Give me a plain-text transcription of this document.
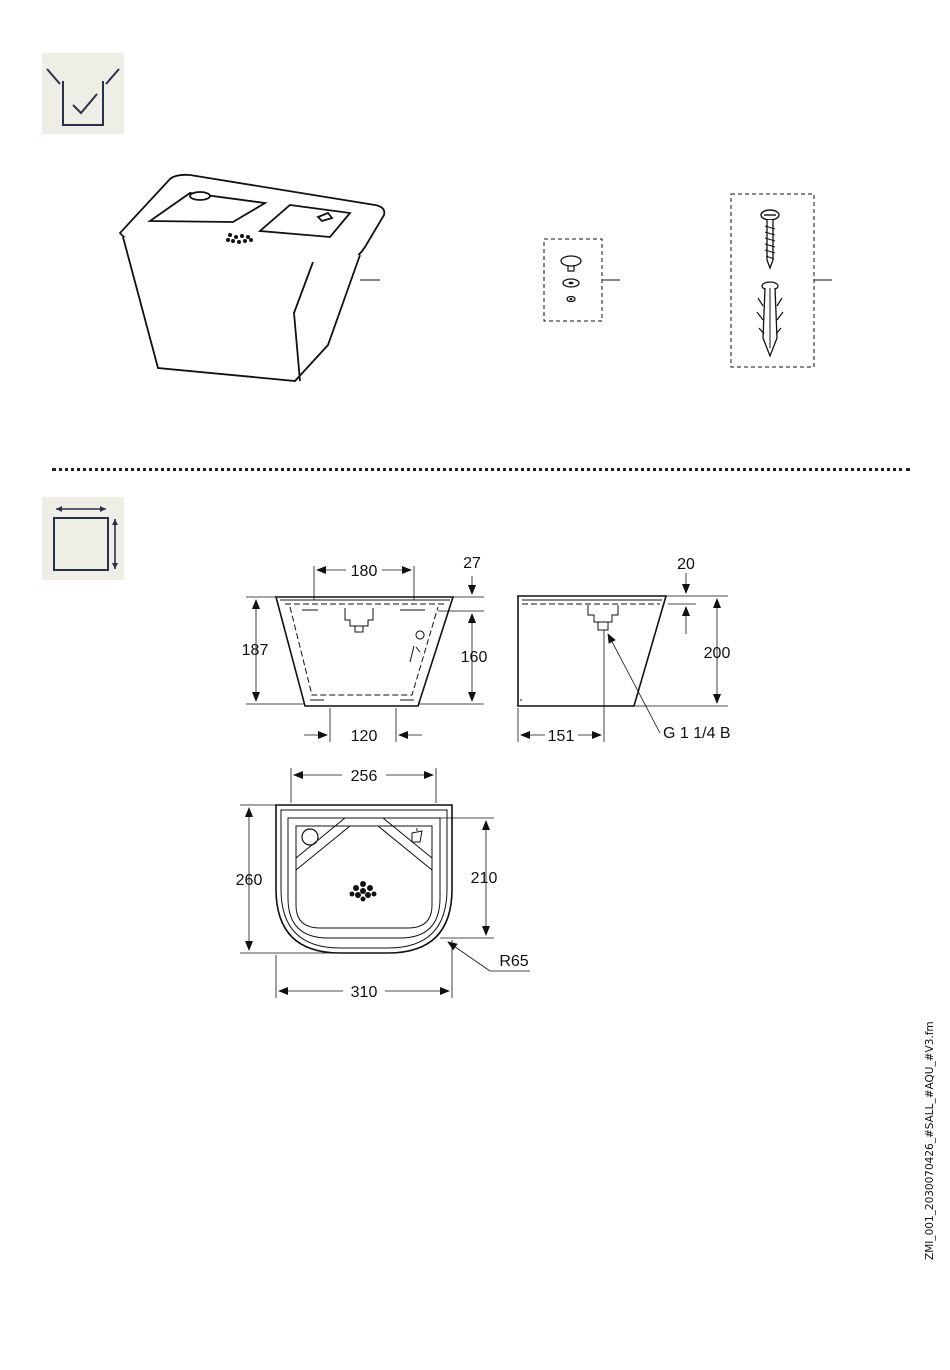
180	27
187	160
120
20
200
151	G 1 1/4 B
256
260	210
R65
310
ZMI_001_2030070426_#SALL_#AQU_#V3.fm
